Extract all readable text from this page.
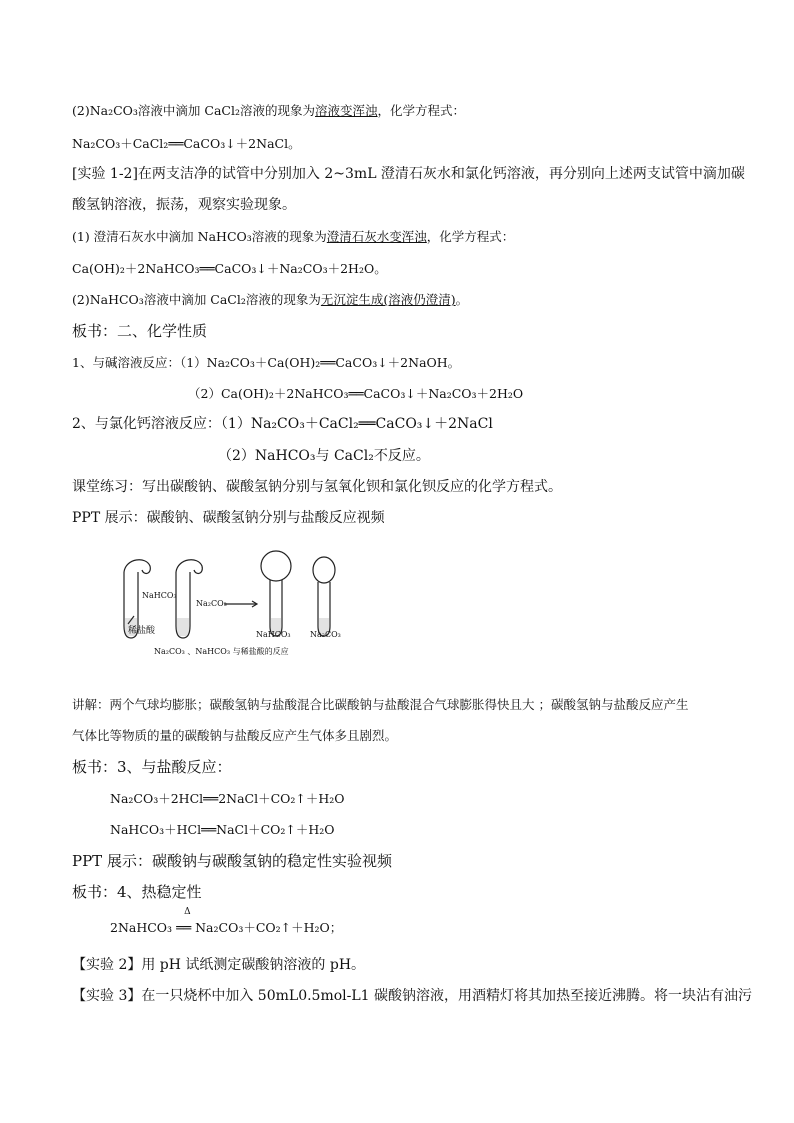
(2)Na₂CO₃溶液中滴加 CaCl₂溶液的现象为溶液变浑浊，化学方程式：
Na₂CO₃＋CaCl₂══CaCO₃↓＋2NaCl。
[实验 1-2]在两支洁净的试管中分别加入 2~3mL 澄清石灰水和氯化钙溶液，再分别向上述两支试管中滴加碳
酸氢钠溶液，振荡，观察实验现象。
(1) 澄清石灰水中滴加 NaHCO₃溶液的现象为澄清石灰水变浑浊，化学方程式：
Ca(OH)₂＋2NaHCO₃══CaCO₃↓＋Na₂CO₃＋2H₂O。
(2)NaHCO₃溶液中滴加 CaCl₂溶液的现象为无沉淀生成(溶液仍澄清)。
板书：二、化学性质
1、与碱溶液反应：（1）Na₂CO₃＋Ca(OH)₂══CaCO₃↓＋2NaOH。
（2）Ca(OH)₂＋2NaHCO₃══CaCO₃↓＋Na₂CO₃＋2H₂O
2、与氯化钙溶液反应：（1）Na₂CO₃＋CaCl₂══CaCO₃↓＋2NaCl
（2）NaHCO₃与 CaCl₂不反应。
课堂练习：写出碳酸钠、碳酸氢钠分别与氢氧化钡和氯化钡反应的化学方程式。
PPT 展示：碳酸钠、碳酸氢钠分别与盐酸反应视频
NaHCO₃
Na₂CO₃
稀盐酸	NaHCO₃ Na₂CO₃
Na₂CO₃ 、NaHCO₃ 与稀盐酸的反应
讲解：两个气球均膨胀；碳酸氢钠与盐酸混合比碳酸钠与盐酸混合气球膨胀得快且大 ；碳酸氢钠与盐酸反应产生
气体比等物质的量的碳酸钠与盐酸反应产生气体多且剧烈。
板书：3、与盐酸反应：
Na₂CO₃＋2HCl══2NaCl＋CO₂↑＋H₂O
NaHCO₃＋HCl══NaCl＋CO₂↑＋H₂O
PPT 展示：碳酸钠与碳酸氢钠的稳定性实验视频
板书：4、热稳定性
2NaHCO₃
Δ
══ Na₂CO₃＋CO₂↑＋H₂O；
【实验 2】用 pH 试纸测定碳酸钠溶液的 pH。
【实验 3】在一只烧杯中加入 50mL0.5mol-L1 碳酸钠溶液，用酒精灯将其加热至接近沸腾。将一块沾有油污
